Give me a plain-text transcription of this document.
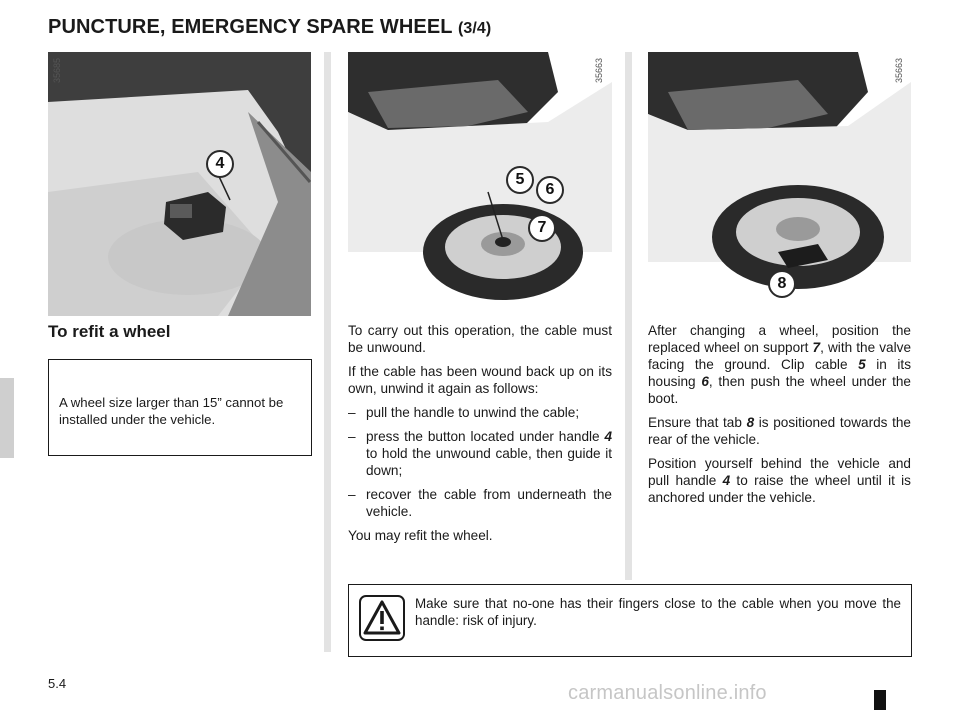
PUNCTURE, EMERGENCY SPARE WHEEL (3/4)
35685
4
35663
5
6
7
35663
8
To refit a wheel

A wheel size larger than 15” cannot be installed under the vehicle.

To carry out this operation, the cable must be unwound.

If the cable has been wound back up on its own, unwind it again as follows:

– pull the handle to unwind the cable;
– press the button located under handle 4 to hold the unwound cable, then guide it down;
– recover the cable from underneath the vehicle.

You may refit the wheel.

After changing a wheel, position the replaced wheel on support 7, with the valve facing the ground. Clip cable 5 in its housing 6, then push the wheel under the boot.

Ensure that tab 8 is positioned towards the rear of the vehicle.

Position yourself behind the vehicle and pull handle 4 to raise the wheel until it is anchored under the vehicle.

Make sure that no-one has their fingers close to the cable when you move the handle: risk of injury.
5.4	carmanualsonline.info
